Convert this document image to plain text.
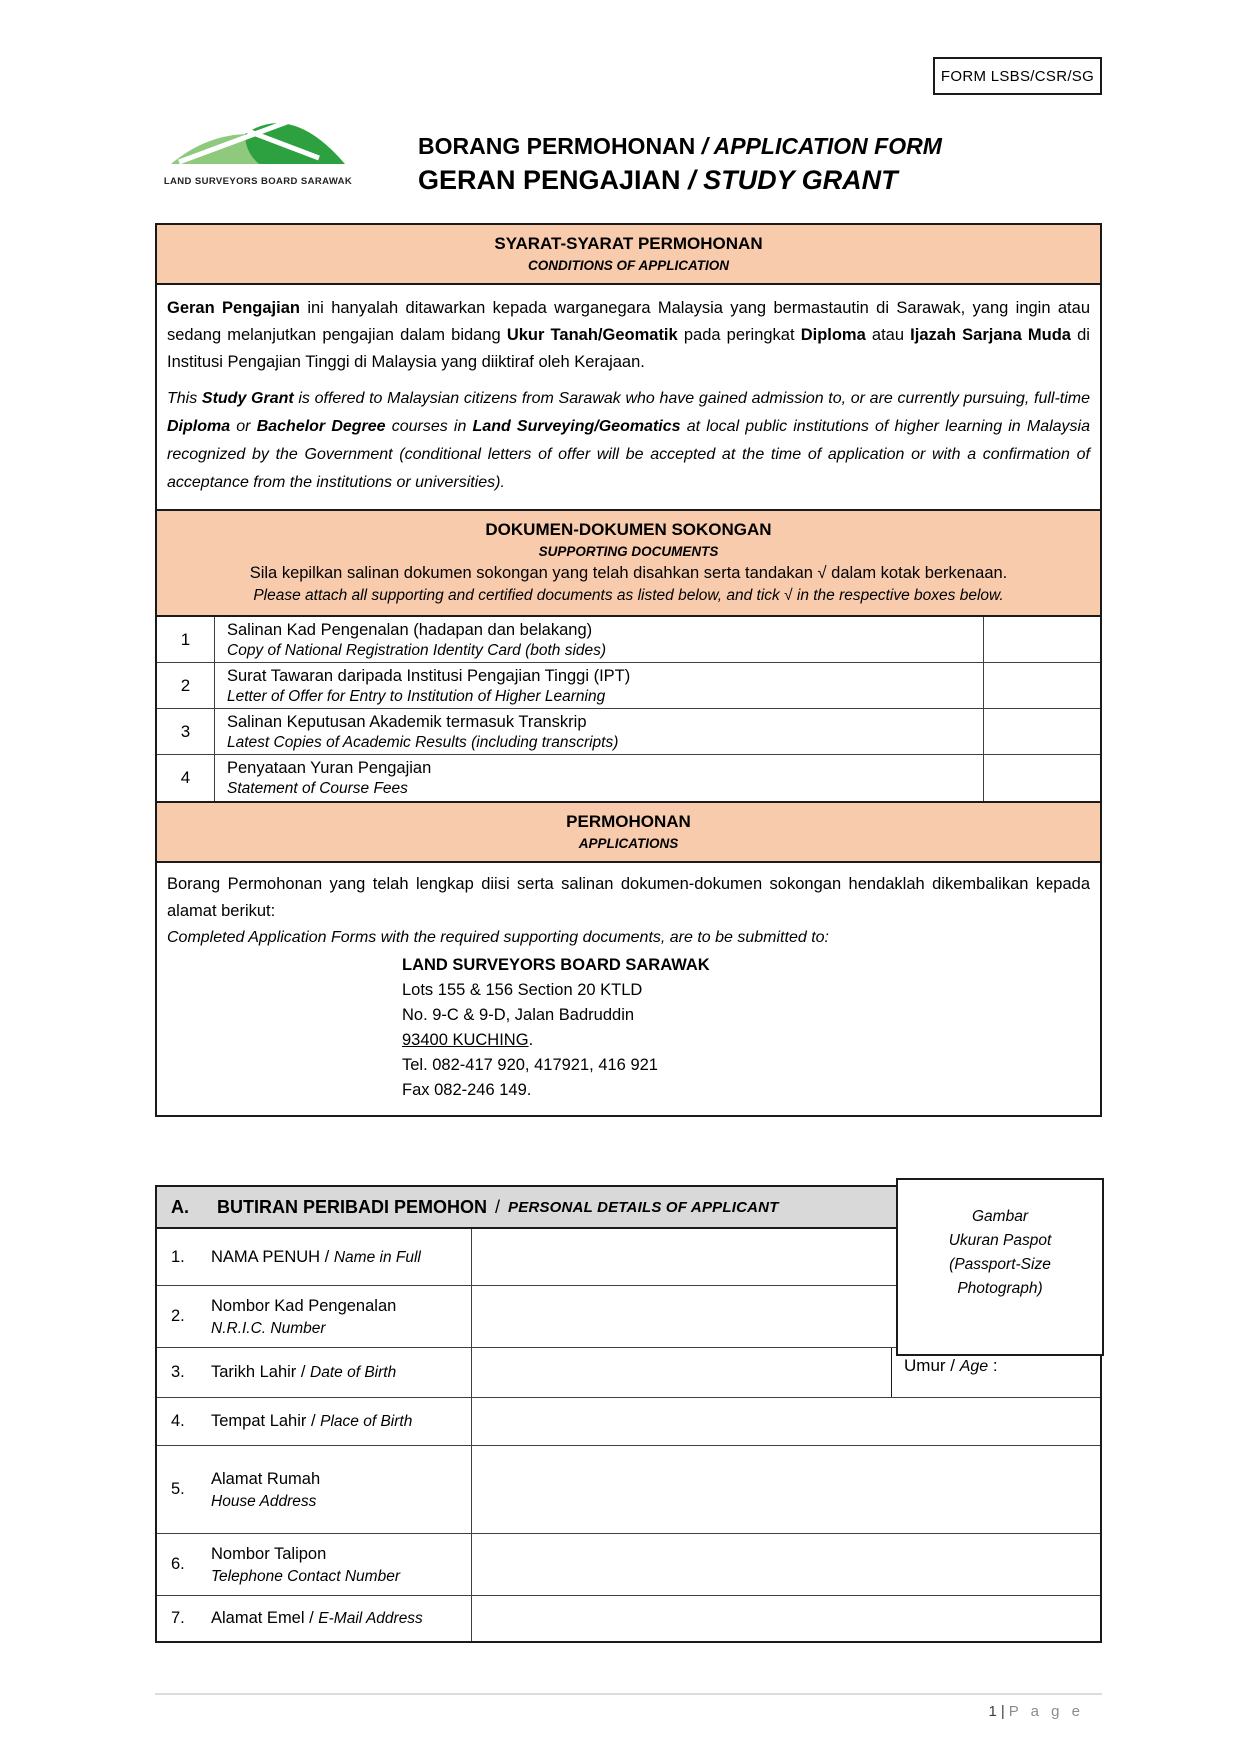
FORM LSBS/CSR/SG
LAND SURVEYORS BOARD SARAWAK
BORANG PERMOHONAN / APPLICATION FORM
GERAN PENGAJIAN / STUDY GRANT
SYARAT-SYARAT PERMOHONAN
CONDITIONS OF APPLICATION

Geran Pengajian ini hanyalah ditawarkan kepada warganegara Malaysia yang bermastautin di Sarawak, yang ingin atau sedang melanjutkan pengajian dalam bidang Ukur Tanah/Geomatik pada peringkat Diploma atau Ijazah Sarjana Muda di Institusi Pengajian Tinggi di Malaysia yang diiktiraf oleh Kerajaan.

This Study Grant is offered to Malaysian citizens from Sarawak who have gained admission to, or are currently pursuing, full-time Diploma or Bachelor Degree courses in Land Surveying/Geomatics at local public institutions of higher learning in Malaysia recognized by the Government (conditional letters of offer will be accepted at the time of application or with a confirmation of acceptance from the institutions or universities).

DOKUMEN-DOKUMEN SOKONGAN
SUPPORTING DOCUMENTS
Sila kepilkan salinan dokumen sokongan yang telah disahkan serta tandakan √ dalam kotak berkenaan.
Please attach all supporting and certified documents as listed below, and tick √ in the respective boxes below.
1	Salinan Kad Pengenalan (hadapan dan belakang)
Copy of National Registration Identity Card (both sides)
2	Surat Tawaran daripada Institusi Pengajian Tinggi (IPT)
Letter of Offer for Entry to Institution of Higher Learning
3	Salinan Keputusan Akademik termasuk Transkrip
Latest Copies of Academic Results (including transcripts)
4	Penyataan Yuran Pengajian
Statement of Course Fees
PERMOHONAN
APPLICATIONS

Borang Permohonan yang telah lengkap diisi serta salinan dokumen-dokumen sokongan hendaklah dikembalikan kepada alamat berikut:

Completed Application Forms with the required supporting documents, are to be submitted to:

LAND SURVEYORS BOARD SARAWAK
Lots 155 & 156 Section 20 KTLD
No. 9-C & 9-D, Jalan Badruddin
93400 KUCHING.
Tel. 082-417 920, 417921, 416 921
Fax 082-246 149.
Gambar
Ukuran Paspot
(Passport-Size
Photograph)
A.	BUTIRAN PERIBADI PEMOHON / PERSONAL DETAILS OF APPLICANT
1.	NAMA PENUH / Name in Full
2.
Nombor Kad Pengenalan
N.R.I.C. Number
3.	Tarikh Lahir / Date of Birth	Umur / Age :
4.	Tempat Lahir / Place of Birth
5.
Alamat Rumah
House Address
6.
Nombor Talipon
Telephone Contact Number
7.	Alamat Emel / E-Mail Address
1 | P a g e
